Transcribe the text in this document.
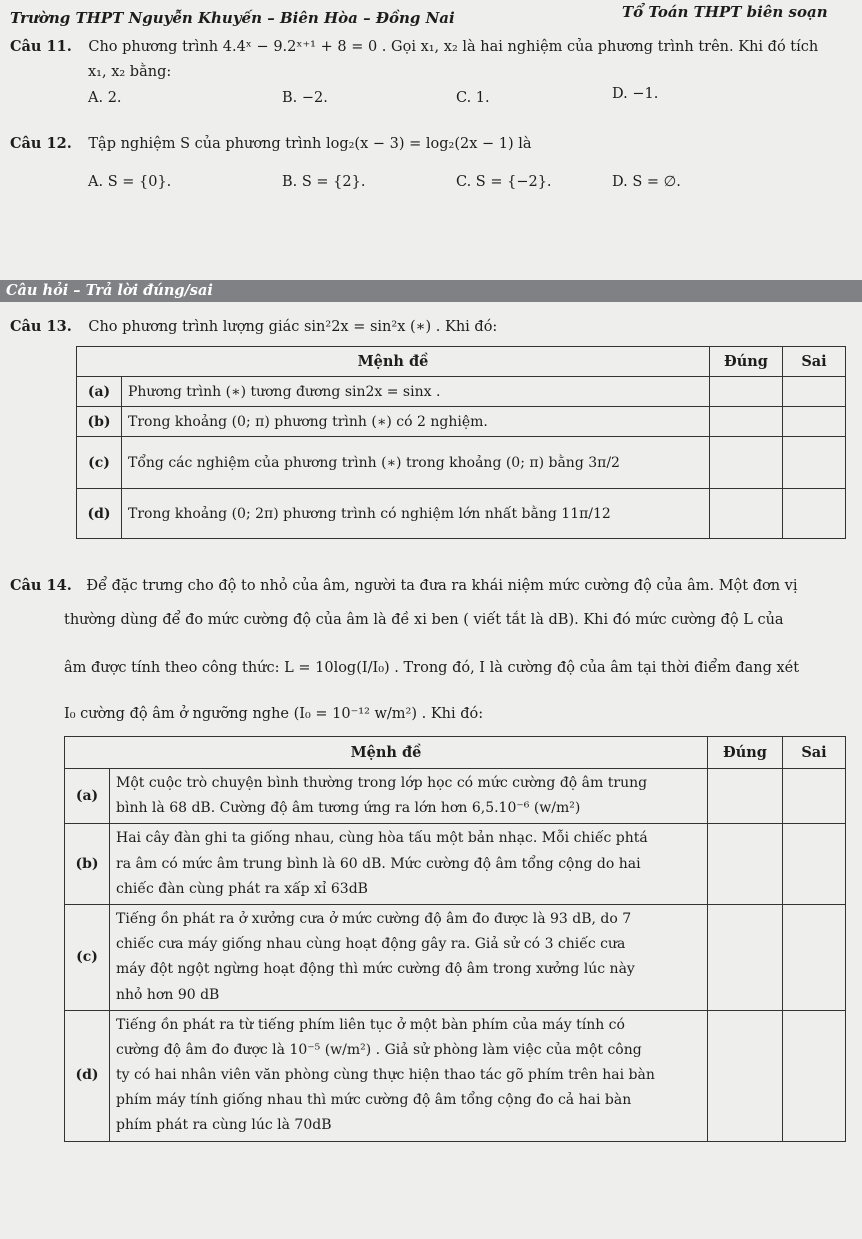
Trường THPT Nguyễn Khuyến – Biên Hòa – Đồng Nai	Tổ Toán THPT biên soạn
Câu 11. Cho phương trình 4.4ˣ − 9.2ˣ⁺¹ + 8 = 0 . Gọi x₁, x₂ là hai nghiệm của phương trình trên. Khi đó tích
x₁, x₂ bằng:
A. 2.	B. −2.	C. 1.	D. −1.
Câu 12. Tập nghiệm S của phương trình log₂(x − 3) = log₂(2x − 1) là
A. S = {0}.	B. S = {2}.	C. S = {−2}.	D. S = ∅.
Câu hỏi – Trả lời đúng/sai
Câu 13. Cho phương trình lượng giác sin²2x = sin²x (∗) . Khi đó:
Mệnh đề		Đúng	Sai
(a)	Phương trình (∗) tương đương sin2x = sinx .		
(b)	Trong khoảng (0; π) phương trình (∗) có 2 nghiệm.		
(c)	Tổng các nghiệm của phương trình (∗) trong khoảng (0; π) bằng 3π/2		
(d)	Trong khoảng (0; 2π) phương trình có nghiệm lớn nhất bằng 11π/12		
Câu 14. Để đặc trưng cho độ to nhỏ của âm, người ta đưa ra khái niệm mức cường độ của âm. Một đơn vị
thường dùng để đo mức cường độ của âm là đề xi ben ( viết tắt là dB). Khi đó mức cường độ L của
âm được tính theo công thức: L = 10log(I/I₀) . Trong đó, I là cường độ của âm tại thời điểm đang xét
I₀ cường độ âm ở ngưỡng nghe (I₀ = 10⁻¹² w/m²) . Khi đó:
Mệnh đề		Đúng	Sai
(a)	Một cuộc trò chuyện bình thường trong lớp học có mức cường độ âm trung
bình là 68 dB. Cường độ âm tương ứng ra lớn hơn 6,5.10⁻⁶ (w/m²)		

(b)	Hai cây đàn ghi ta giống nhau, cùng hòa tấu một bản nhạc. Mỗi chiếc phtá
ra âm có mức âm trung bình là 60 dB. Mức cường độ âm tổng cộng do hai
chiếc đàn cùng phát ra xấp xỉ 63dB		

(c)	Tiếng ồn phát ra ở xưởng cưa ở mức cường độ âm đo được là 93 dB, do 7
chiếc cưa máy giống nhau cùng hoạt động gây ra. Giả sử có 3 chiếc cưa
máy đột ngột ngừng hoạt động thì mức cường độ âm trong xưởng lúc này
nhỏ hơn 90 dB		

(d)	Tiếng ồn phát ra từ tiếng phím liên tục ở một bàn phím của máy tính có
cường độ âm đo được là 10⁻⁵ (w/m²) . Giả sử phòng làm việc của một công
ty có hai nhân viên văn phòng cùng thực hiện thao tác gõ phím trên hai bàn
phím máy tính giống nhau thì mức cường độ âm tổng cộng đo cả hai bàn
phím phát ra cùng lúc là 70dB		
